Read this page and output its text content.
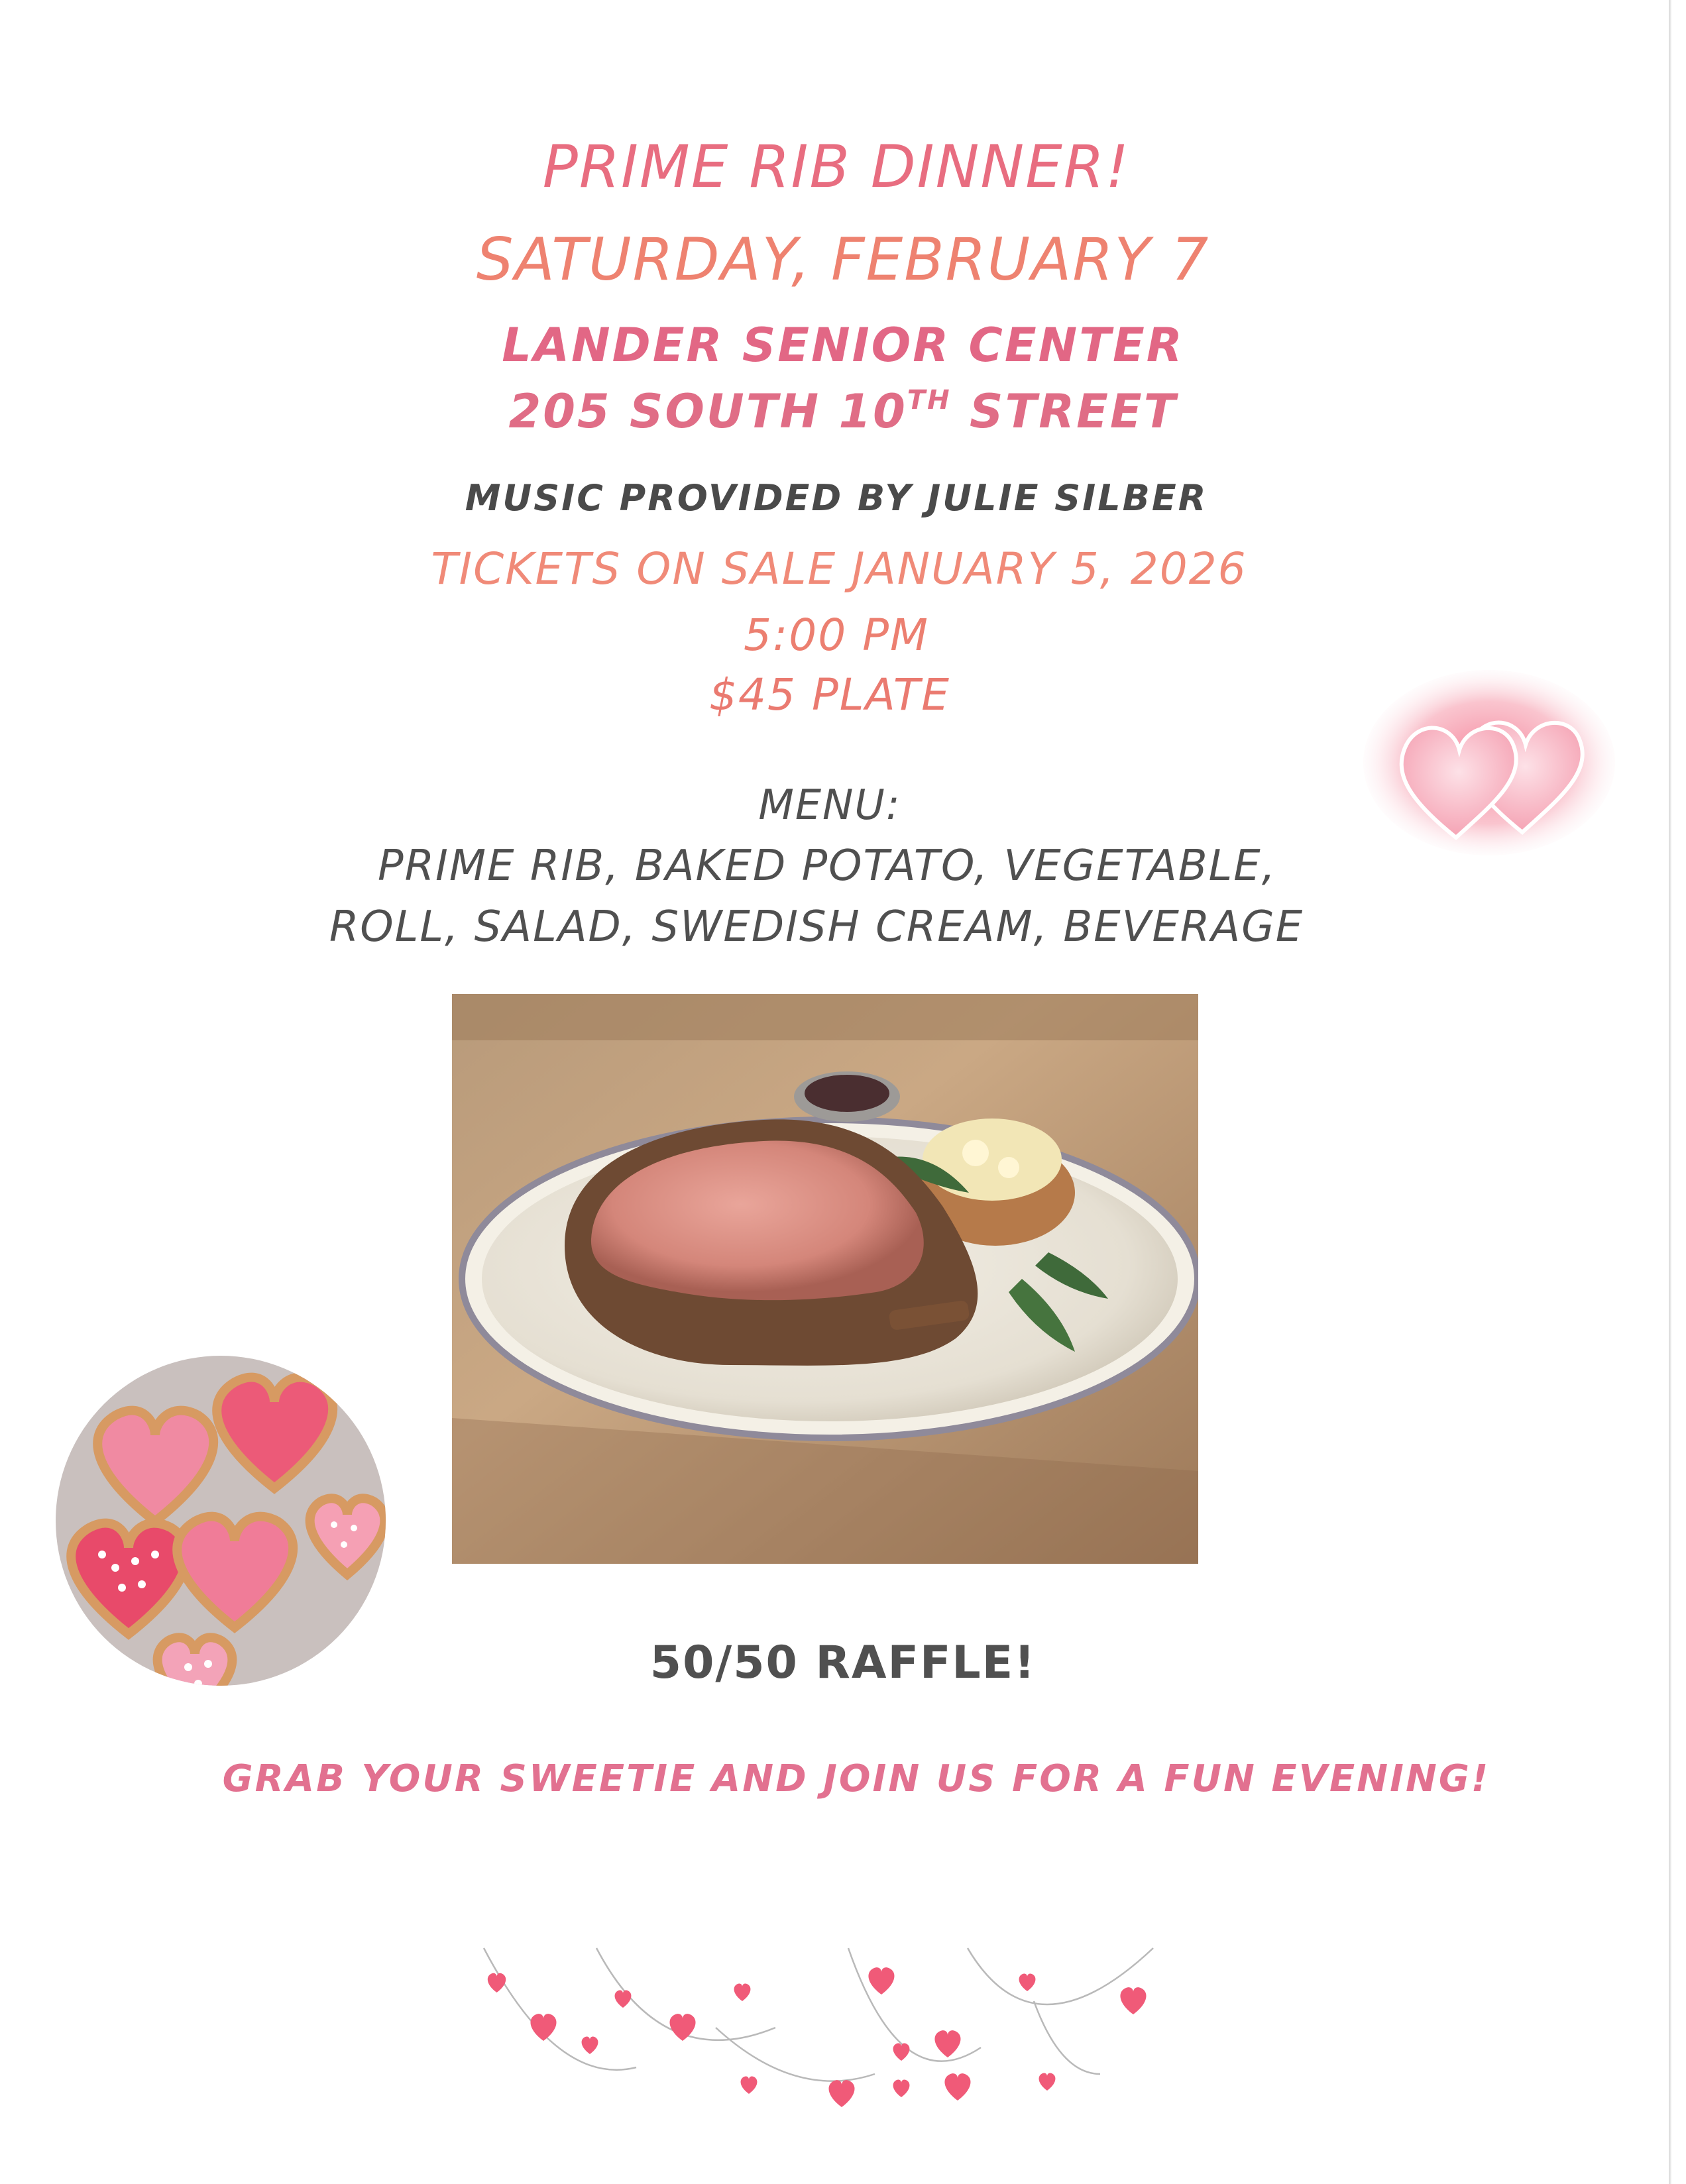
PRIME RIB DINNER!
SATURDAY, FEBRUARY 7
LANDER SENIOR CENTER
205 SOUTH 10TH STREET
MUSIC PROVIDED BY JULIE SILBER
TICKETS ON SALE JANUARY 5, 2026
5:00 PM
$45 PLATE
MENU:
PRIME RIB, BAKED POTATO, VEGETABLE,
ROLL, SALAD, SWEDISH CREAM, BEVERAGE
50/50 RAFFLE!
GRAB YOUR SWEETIE AND JOIN US FOR A FUN EVENING!
